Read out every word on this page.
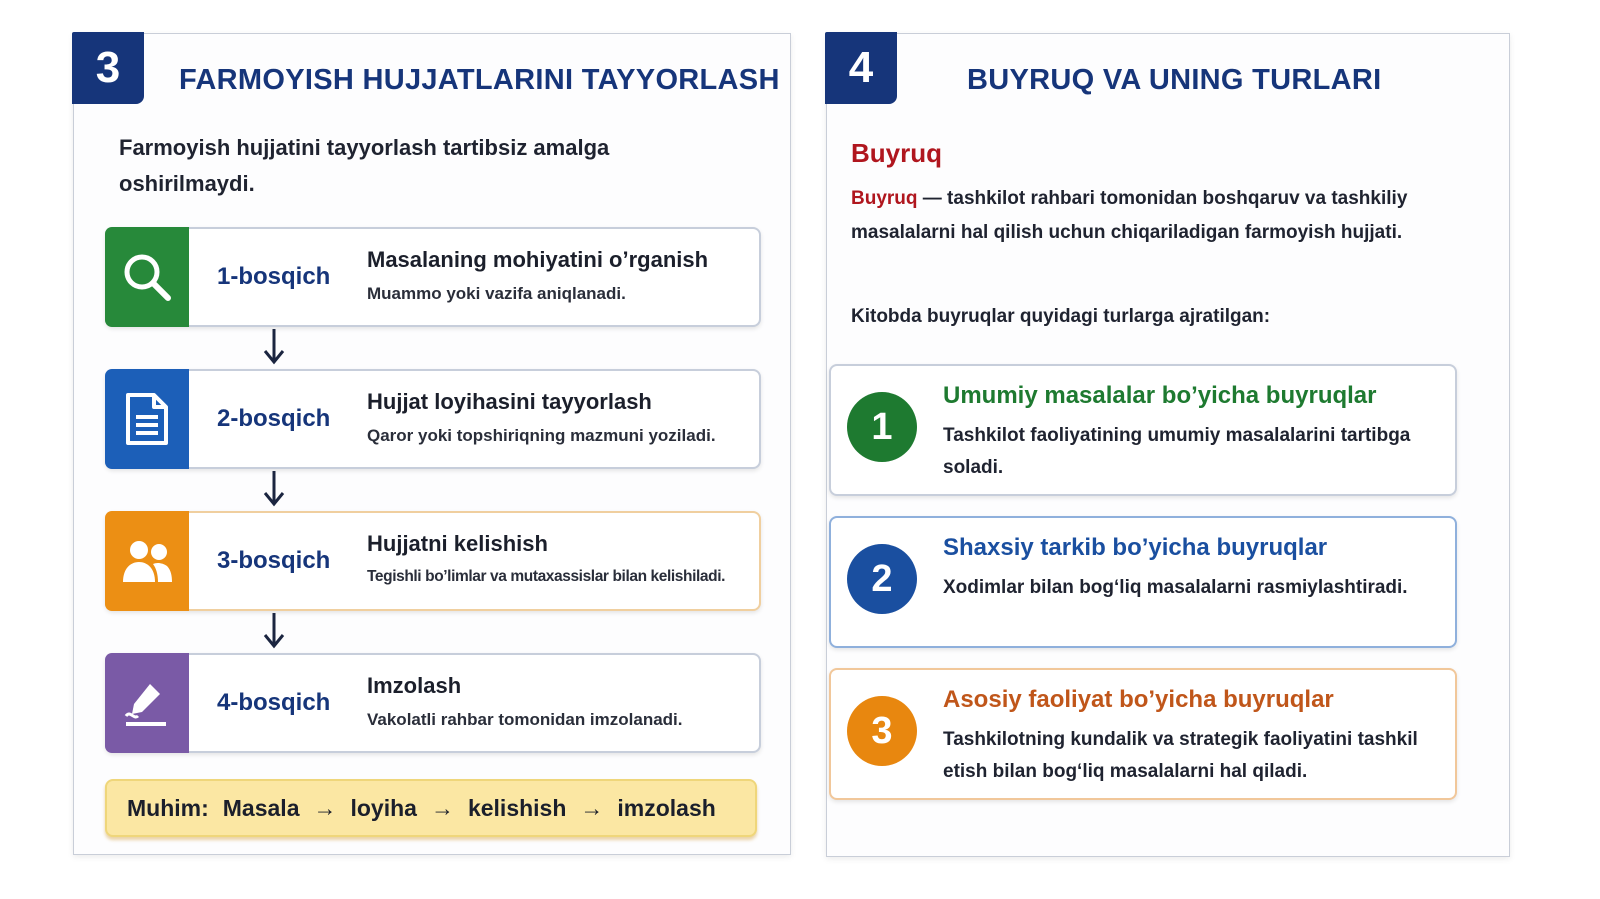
3	FARMOYISH HUJJATLARINI TAYYORLASH
Farmoyish hujjatini tayyorlash tartibsiz amalga oshirilmaydi.
1-bosqich
Masalaning mohiyatini o’rganish
Muammo yoki vazifa aniqlanadi.
2-bosqich
Hujjat loyihasini tayyorlash
Qaror yoki topshiriqning mazmuni yoziladi.
3-bosqich
Hujjatni kelishish
Tegishli bo’limlar va mutaxassislar bilan kelishiladi.
4-bosqich
Imzolash
Vakolatli rahbar tomonidan imzolanadi.
Muhim: Masala → loyiha → kelishish → imzolash
4	BUYRUQ VA UNING TURLARI
Buyruq
Buyruq — tashkilot rahbari tomonidan boshqaruv va tashkiliy masalalarni hal qilish uchun chiqariladigan farmoyish hujjati.
Kitobda buyruqlar quyidagi turlarga ajratilgan:
1
Umumiy masalalar bo’yicha buyruqlar
Tashkilot faoliyatining umumiy masalalarini tartibga soladi.
2
Shaxsiy tarkib bo’yicha buyruqlar
Xodimlar bilan bog‘liq masalalarni rasmiylashtiradi.
3
Asosiy faoliyat bo’yicha buyruqlar
Tashkilotning kundalik va strategik faoliyatini tashkil etish bilan bog‘liq masalalarni hal qiladi.
